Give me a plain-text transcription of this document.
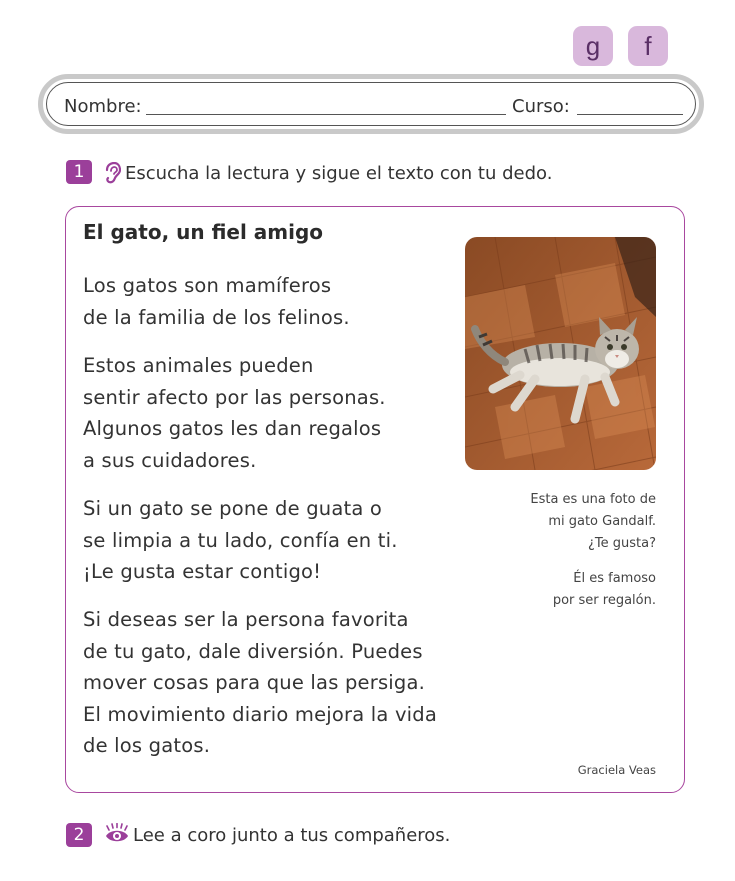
g	f
Nombre:	Curso:
1	Escucha la lectura y sigue el texto con tu dedo.
El gato, un fiel amigo
Los gatos son mamíferos
de la familia de los felinos.
Estos animales pueden
sentir afecto por las personas.
Algunos gatos les dan regalos
a sus cuidadores.
Si un gato se pone de guata o
se limpia a tu lado, confía en ti.
¡Le gusta estar contigo!
Si deseas ser la persona favorita
de tu gato, dale diversión. Puedes
mover cosas para que las persiga.
El movimiento diario mejora la vida
de los gatos.
Esta es una foto de
mi gato Gandalf.
¿Te gusta?
Él es famoso
por ser regalón.
Graciela Veas
2	Lee a coro junto a tus compañeros.
